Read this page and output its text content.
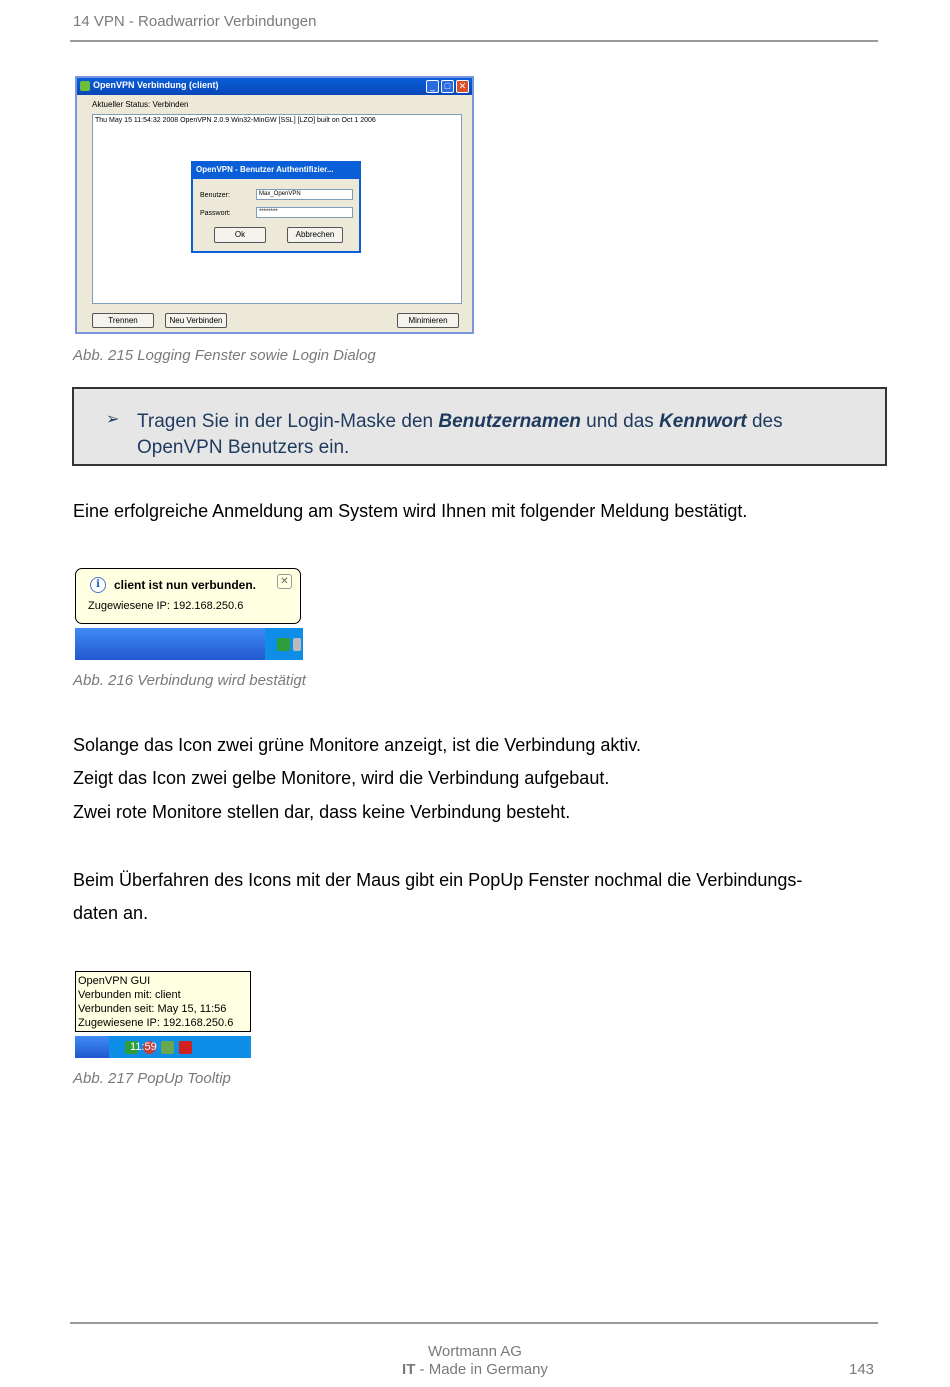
14 VPN - Roadwarrior Verbindungen
OpenVPN Verbindung (client)	_	□ ✕
Aktueller Status: Verbinden
Thu May 15 11:54:32 2008 OpenVPN 2.0.9 Win32-MinGW [SSL] [LZO] built on Oct 1 2006
Trennen	Neu Verbinden	Minimieren
OpenVPN - Benutzer Authentifizier...
Benutzer:	Max_OpenVPN
Passwort:	********
Ok	Abbrechen
Abb. 215 Logging Fenster sowie Login Dialog
➢ Tragen Sie in der Login-Maske den Benutzernamen und das Kennwort des OpenVPN Benutzers ein.
Eine erfolgreiche Anmeldung am System wird Ihnen mit folgender Meldung bestätigt.
i	client ist nun verbunden.	✕
Zugewiesene IP: 192.168.250.6
Abb. 216 Verbindung wird bestätigt
Solange das Icon zwei grüne Monitore anzeigt, ist die Verbindung aktiv.
Zeigt das Icon zwei gelbe Monitore, wird die Verbindung aufgebaut.
Zwei rote Monitore stellen dar, dass keine Verbindung besteht.
Beim Überfahren des Icons mit der Maus gibt ein PopUp Fenster nochmal die Verbindungs-
daten an.
OpenVPN GUI
Verbunden mit: client
Verbunden seit: May 15, 11:56
Zugewiesene IP: 192.168.250.6
11:59
Abb. 217 PopUp Tooltip
Wortmann AG
IT - Made in Germany	143
